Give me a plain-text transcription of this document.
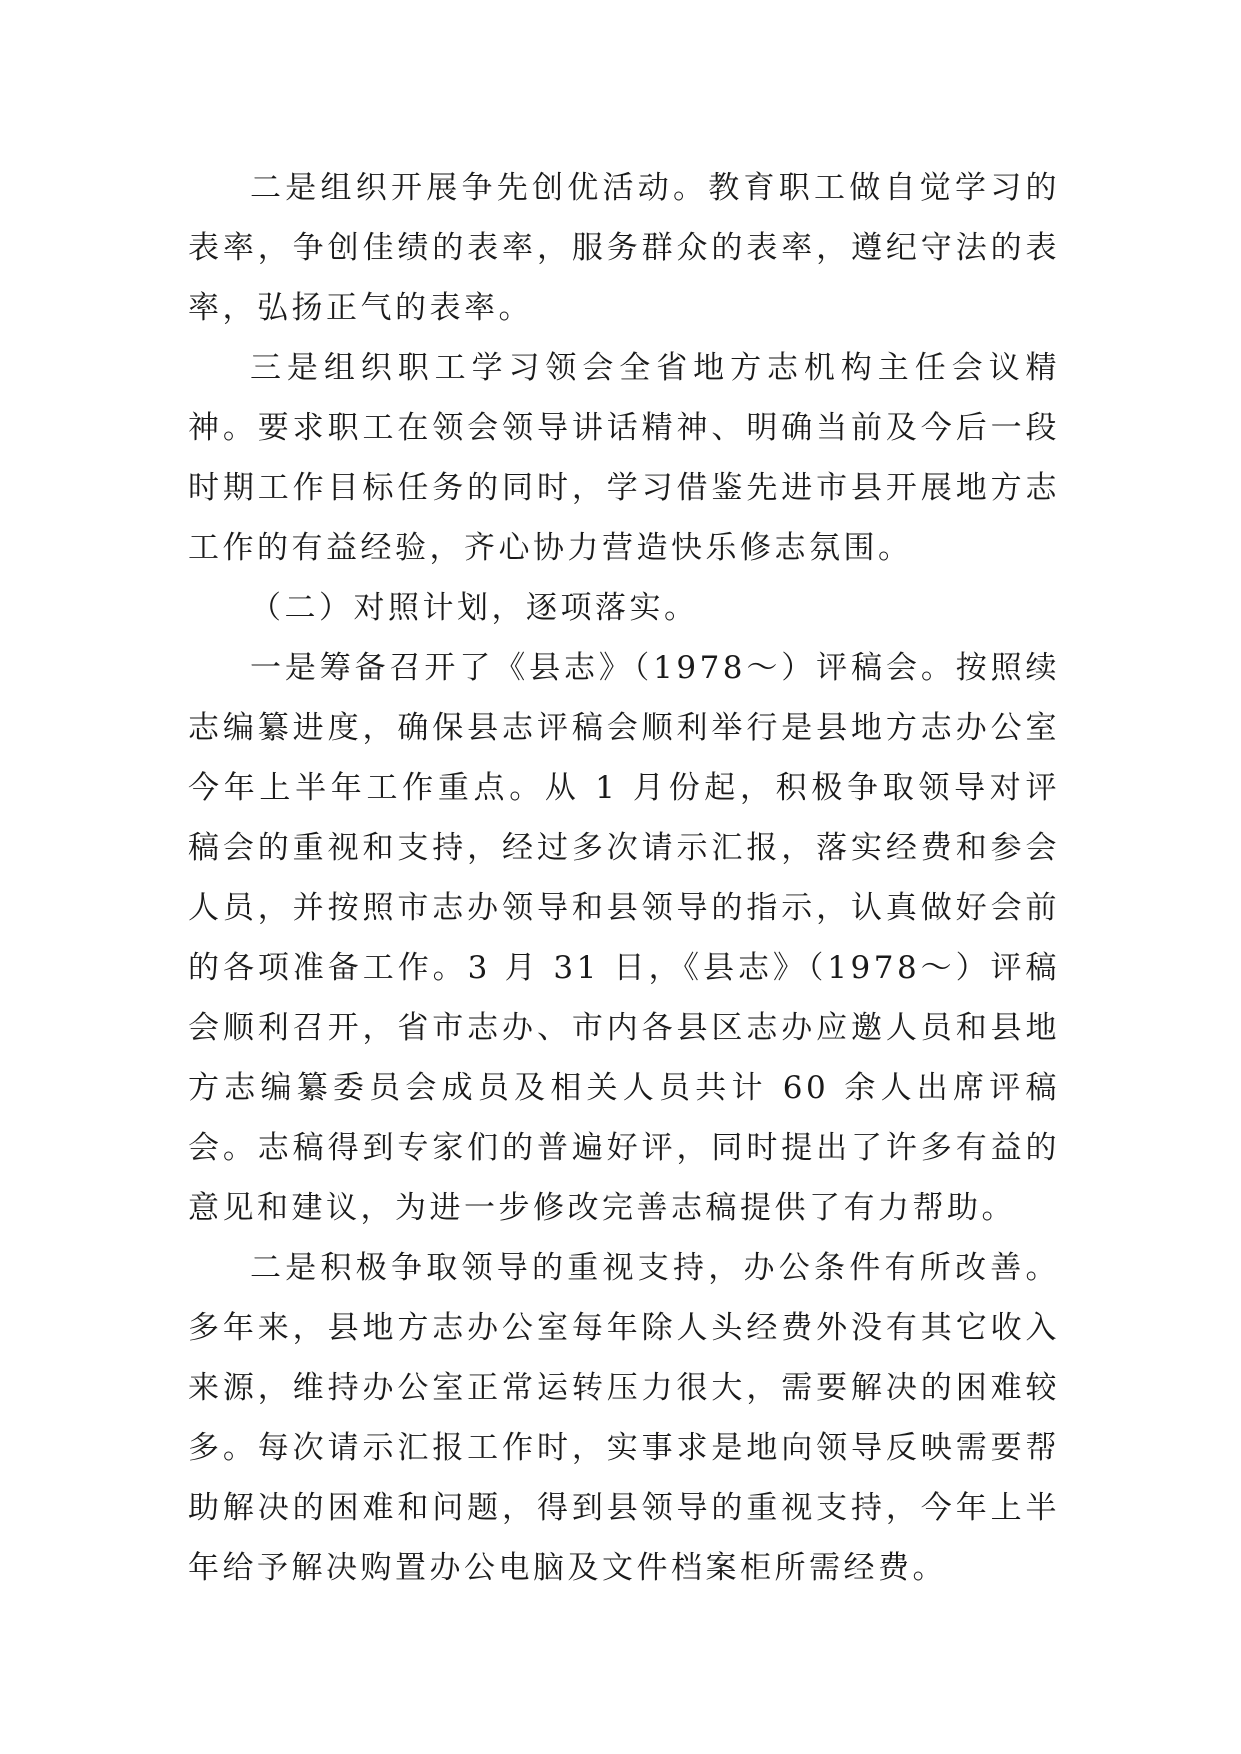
二是组织开展争先创优活动。教育职工做自觉学习的表率，争创佳绩的表率，服务群众的表率，遵纪守法的表率，弘扬正气的表率。

三是组织职工学习领会全省地方志机构主任会议精神。要求职工在领会领导讲话精神、明确当前及今后一段时期工作目标任务的同时，学习借鉴先进市县开展地方志工作的有益经验，齐心协力营造快乐修志氛围。

（二）对照计划，逐项落实。

一是筹备召开了《县志》（1978～）评稿会。按照续志编纂进度，确保县志评稿会顺利举行是县地方志办公室今年上半年工作重点。从 1 月份起，积极争取领导对评稿会的重视和支持，经过多次请示汇报，落实经费和参会人员，并按照市志办领导和县领导的指示，认真做好会前的各项准备工作。3 月 31 日，《县志》（1978～）评稿会顺利召开，省市志办、市内各县区志办应邀人员和县地方志编纂委员会成员及相关人员共计 60 余人出席评稿会。志稿得到专家们的普遍好评，同时提出了许多有益的意见和建议，为进一步修改完善志稿提供了有力帮助。

二是积极争取领导的重视支持，办公条件有所改善。多年来，县地方志办公室每年除人头经费外没有其它收入来源，维持办公室正常运转压力很大，需要解决的困难较多。每次请示汇报工作时，实事求是地向领导反映需要帮助解决的困难和问题，得到县领导的重视支持，今年上半年给予解决购置办公电脑及文件档案柜所需经费。
